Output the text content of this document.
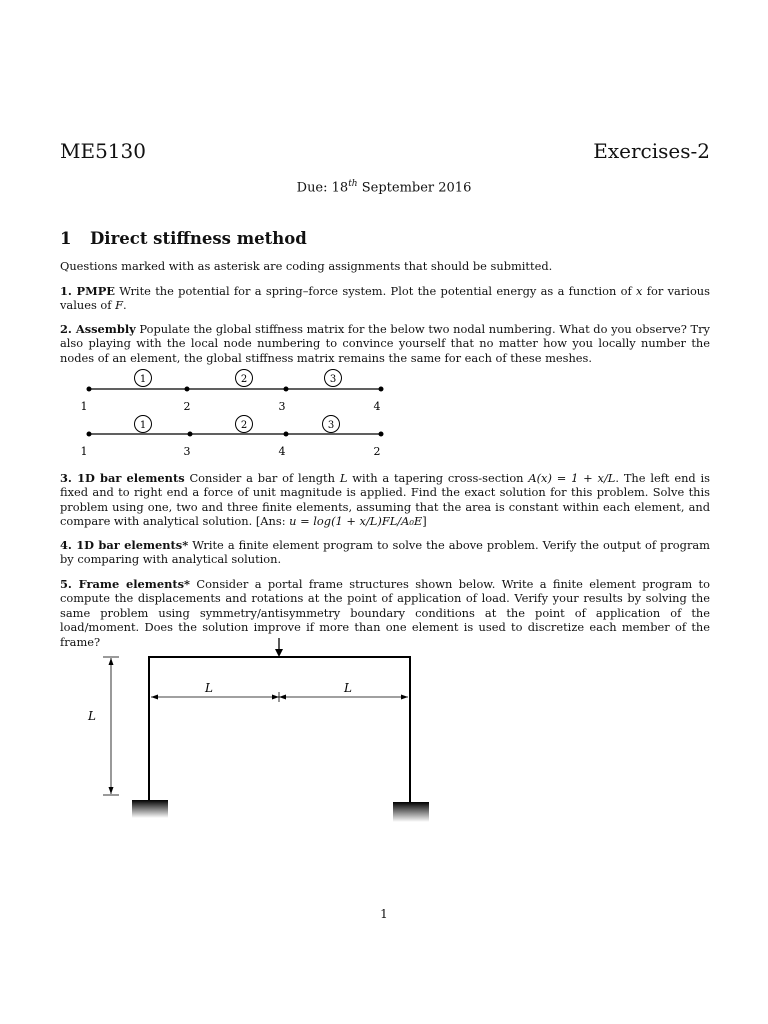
ME5130	Exercises-2
Due: 18th September 2016
1 Direct stiffness method
Questions marked with as asterisk are coding assignments that should be submitted.
1. PMPE Write the potential for a spring–force system. Plot the potential energy as a function of x for various values of F.
2. Assembly Populate the global stiffness matrix for the below two nodal numbering. What do you observe? Try also playing with the local node numbering to convince yourself that no matter how you locally number the nodes of an element, the global stiffness matrix remains the same for each of these meshes.
1	2	3
1	2	3	4
1	2	3
1	3	4	2
3. 1D bar elements Consider a bar of length L with a tapering cross-section A(x) = 1 + x/L. The left end is fixed and to right end a force of unit magnitude is applied. Find the exact solution for this problem. Solve this problem using one, two and three finite elements, assuming that the area is constant within each element, and compare with analytical solution. [Ans: u = log(1 + x/L)FL/A₀E]
4. 1D bar elements* Write a finite element program to solve the above problem. Verify the output of program by comparing with analytical solution.
5. Frame elements* Consider a portal frame structures shown below. Write a finite element program to compute the displacements and rotations at the point of application of load. Verify your results by solving the same problem using symmetry/antisymmetry boundary conditions at the point of application of the load/moment. Does the solution improve if more than one element is used to discretize each member of the frame?
L	L
L
1
